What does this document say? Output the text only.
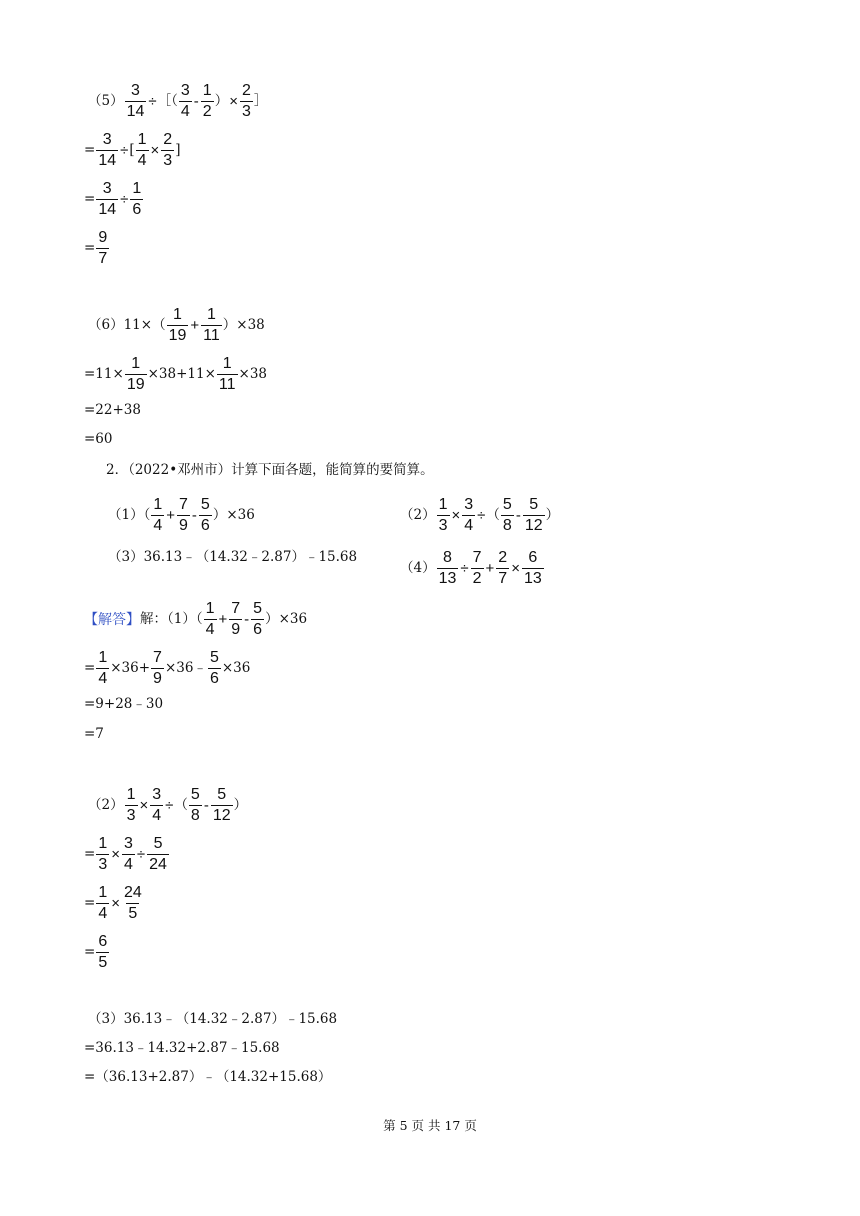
$(5) \frac{3}{14}$ ÷ ［（ $\frac{3}{4} - \frac{1}{2}$ ） × $\frac{2}{3}$ ］
= $\frac{3}{14}$ ÷ [ $\frac{1}{4} \times \frac{2}{3}$ ]
= $\frac{3}{14} \div \frac{1}{6}$
= $\frac{9}{7}$
$(6)11\times( \frac{1}{19} + \frac{1}{11} )\times 38$
$=11\times \frac{1}{19} \times 38+11\times \frac{1}{11} \times 38$
=22+38
=60
2．（2022•邓州市）计算下面各题，能简算的要简算。
$(1)( \frac{1}{4} + \frac{7}{9} - \frac{5}{6} )\times 36$	$(2) \frac{1}{3} \times \frac{3}{4}$ ÷ （ $\frac{5}{8} - \frac{5}{12}$ ）
（3）36.13﹣（14.32﹣2.87）﹣15.68
$(4) \frac{8}{13} \div \frac{7}{2} + \frac{2}{7} \times \frac{6}{13}$
【解答】 解：$(1)( \frac{1}{4} + \frac{7}{9} - \frac{5}{6} )\times 36$
= $\frac{1}{4} \times 36+ \frac{7}{9}$ ×36﹣ $\frac{5}{6} \times 36$
=9+28﹣30
=7
$(2) \frac{1}{3} \times \frac{3}{4}$ ÷ （ $\frac{5}{8} - \frac{5}{12}$ ）
= $\frac{1}{3} \times \frac{3}{4} \div \frac{5}{24}$
= $\frac{1}{4} \times \frac{24}{5}$
= $\frac{6}{5}$
（3）36.13﹣（14.32﹣2.87）﹣15.68
=36.13﹣14.32+2.87﹣15.68
=（36.13+2.87）﹣（14.32+15.68）
第 5 页 共 17 页
